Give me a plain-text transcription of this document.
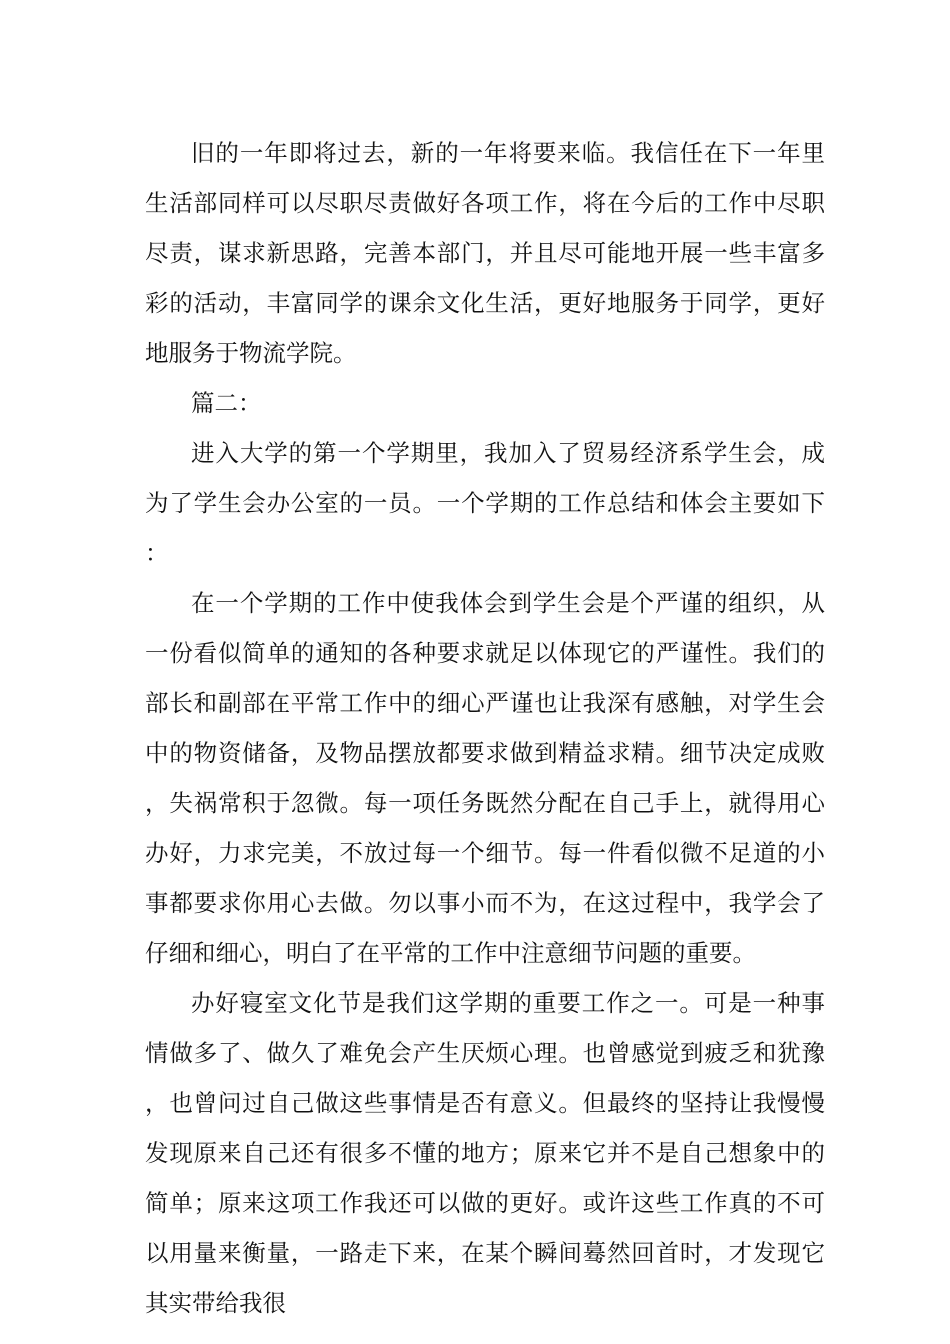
旧的一年即将过去，新的一年将要来临。我信任在下一年里生活部同样可以尽职尽责做好各项工作，将在今后的工作中尽职尽责，谋求新思路，完善本部门，并且尽可能地开展一些丰富多彩的活动，丰富同学的课余文化生活，更好地服务于同学，更好地服务于物流学院。

篇二：

进入大学的第一个学期里，我加入了贸易经济系学生会，成为了学生会办公室的一员。一个学期的工作总结和体会主要如下：

在一个学期的工作中使我体会到学生会是个严谨的组织，从一份看似简单的通知的各种要求就足以体现它的严谨性。我们的部长和副部在平常工作中的细心严谨也让我深有感触，对学生会中的物资储备，及物品摆放都要求做到精益求精。细节决定成败，失祸常积于忽微。每一项任务既然分配在自己手上，就得用心办好，力求完美，不放过每一个细节。每一件看似微不足道的小事都要求你用心去做。勿以事小而不为，在这过程中，我学会了仔细和细心，明白了在平常的工作中注意细节问题的重要。

办好寝室文化节是我们这学期的重要工作之一。可是一种事情做多了、做久了难免会产生厌烦心理。也曾感觉到疲乏和犹豫，也曾问过自己做这些事情是否有意义。但最终的坚持让我慢慢发现原来自己还有很多不懂的地方；原来它并不是自己想象中的简单；原来这项工作我还可以做的更好。或许这些工作真的不可以用量来衡量，一路走下来，在某个瞬间蓦然回首时，才发现它其实带给我很
